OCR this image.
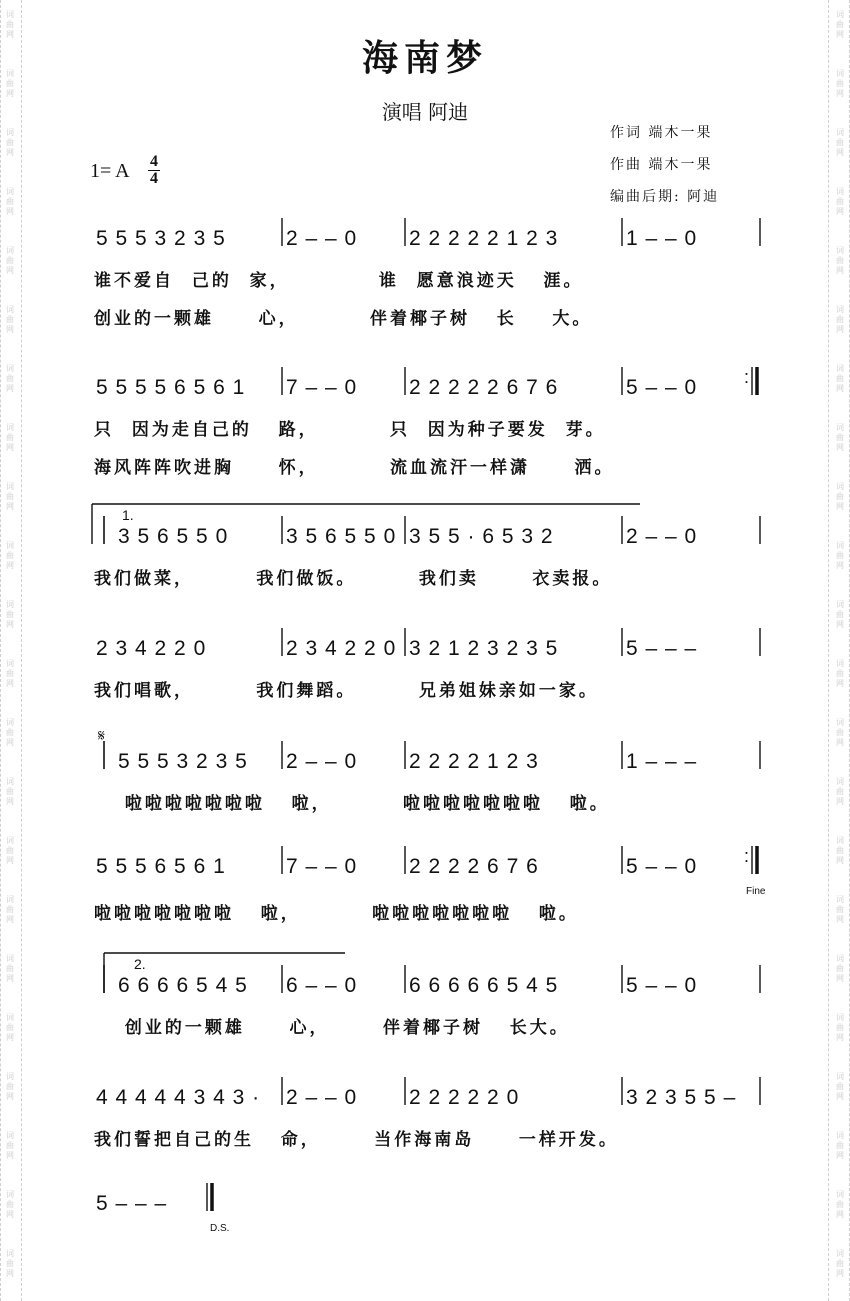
海南梦
演唱 阿迪
作词 端木一果
作曲 端木一果
编曲后期: 阿迪
1= A 4
4
5 5 5 3 2 3 5	2 – – 0 2 2 2 2 2 1 2 3	1 – – 0
5 5 5 5 6 5 6 1 7 – – 0 2 2 2 2 2 6 7 6	5 – – 0	:
3 5 6 5 5 0	3 5 6 5 5 0 3 5 5 · 6 5 3 2	2 – – 0
1.
2 3 4 2 2 0	2 3 4 2 2 0 3 2 1 2 3 2 3 5	5 – – –
5 5 5 3 2 3 5 2 – – 0 2 2 2 2 1 2 3	1 – – –
𝄋
5 5 5 6 5 6 1	7 – – 0 2 2 2 2 6 7 6	5 – – 0	:
Fine
6 6 6 6 5 4 5 6 – – 0 6 6 6 6 6 5 4 5	5 – – 0
2.
4 4 4 4 4 3 4 3 · 2 – – 0 2 2 2 2 2 0	3 2 3 5 5 –
5 – – –
D.S.
谁不爱自  己的  家，          谁  愿意浪迹天   涯。
创业的一颗雄     心，        伴着椰子树   长    大。
只  因为走自己的   路，        只  因为种子要发  芽。
海风阵阵吹进胸     怀，        流血流汗一样潇     洒。
我们做菜，       我们做饭。       我们卖      衣卖报。
我们唱歌，       我们舞蹈。       兄弟姐妹亲如一家。
啦啦啦啦啦啦啦   啦，        啦啦啦啦啦啦啦   啦。
啦啦啦啦啦啦啦   啦，        啦啦啦啦啦啦啦   啦。
创业的一颗雄     心，      伴着椰子树   长大。
我们誓把自己的生   命，      当作海南岛     一样开发。
词
曲
网
词
曲
网
词
曲
网
词
曲
网
词
曲
网
词
曲
网
词
曲
网
词
曲
网
词
曲
网
词
曲
网
词
曲
网
词
曲
网
词
曲
网
词
曲
网
词
曲
网
词
曲
网
词
曲
网
词
曲
网
词
曲
网
词
曲
网
词
曲
网
词
曲
网
词
曲
网
词
曲
网
词
曲
网
词
曲
网
词
曲
网
词
曲
网
词
曲
网
词
曲
网
词
曲
网
词
曲
网
词
曲
网
词
曲
网
词
曲
网
词
曲
网
词
曲
网
词
曲
网
词
曲
网
词
曲
网
词
曲
网
词
曲
网
词
曲
网
词
曲
网
